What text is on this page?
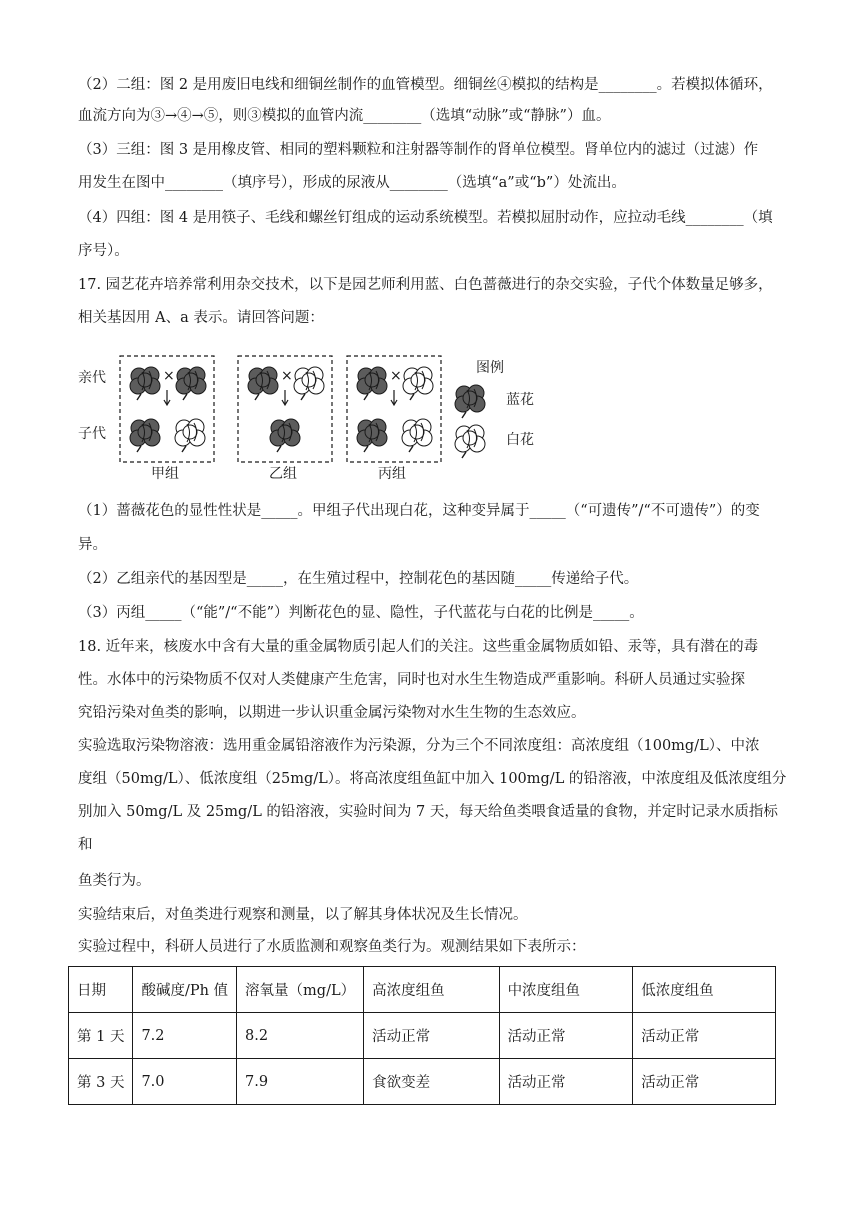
（2）二组：图 2 是用废旧电线和细铜丝制作的血管模型。细铜丝④模拟的结构是________。若模拟体循环，

血流方向为③→④→⑤，则③模拟的血管内流________（选填“动脉”或“静脉”）血。

（3）三组：图 3 是用橡皮管、相同的塑料颗粒和注射器等制作的肾单位模型。肾单位内的滤过（过滤）作

用发生在图中________（填序号），形成的尿液从________（选填“a”或“b”）处流出。

（4）四组：图 4 是用筷子、毛线和螺丝钉组成的运动系统模型。若模拟屈肘动作，应拉动毛线________（填

序号）。

17. 园艺花卉培养常利用杂交技术，以下是园艺师利用蓝、白色蔷薇进行的杂交实验，子代个体数量足够多，

相关基因用 A、a 表示。请回答问题：

亲代
子代
×	×	×
甲组	乙组	丙组
图例
蓝花
白花

（1）蔷薇花色的显性性状是_____。甲组子代出现白花，这种变异属于_____（“可遗传”/“不可遗传”）的变

异。

（2）乙组亲代的基因型是_____，在生殖过程中，控制花色的基因随_____传递给子代。

（3）丙组_____（“能”/“不能”）判断花色的显、隐性，子代蓝花与白花的比例是_____。

18. 近年来，核废水中含有大量的重金属物质引起人们的关注。这些重金属物质如铅、汞等，具有潜在的毒

性。水体中的污染物质不仅对人类健康产生危害，同时也对水生生物造成严重影响。科研人员通过实验探

究铅污染对鱼类的影响，以期进一步认识重金属污染物对水生生物的生态效应。

实验选取污染物溶液：选用重金属铅溶液作为污染源，分为三个不同浓度组：高浓度组（100mg/L）、中浓

度组（50mg/L）、低浓度组（25mg/L）。将高浓度组鱼缸中加入 100mg/L 的铅溶液，中浓度组及低浓度组分

别加入 50mg/L 及 25mg/L 的铅溶液，实验时间为 7 天，每天给鱼类喂食适量的食物，并定时记录水质指标

和

鱼类行为。

实验结束后，对鱼类进行观察和测量，以了解其身体状况及生长情况。

实验过程中，科研人员进行了水质监测和观察鱼类行为。观测结果如下表所示：

日期	酸碱度/Ph 值	溶氧量（mg/L）	高浓度组鱼	中浓度组鱼	低浓度组鱼
第 1 天	7.2	8.2	活动正常	活动正常	活动正常
第 3 天	7.0	7.9	食欲变差	活动正常	活动正常
